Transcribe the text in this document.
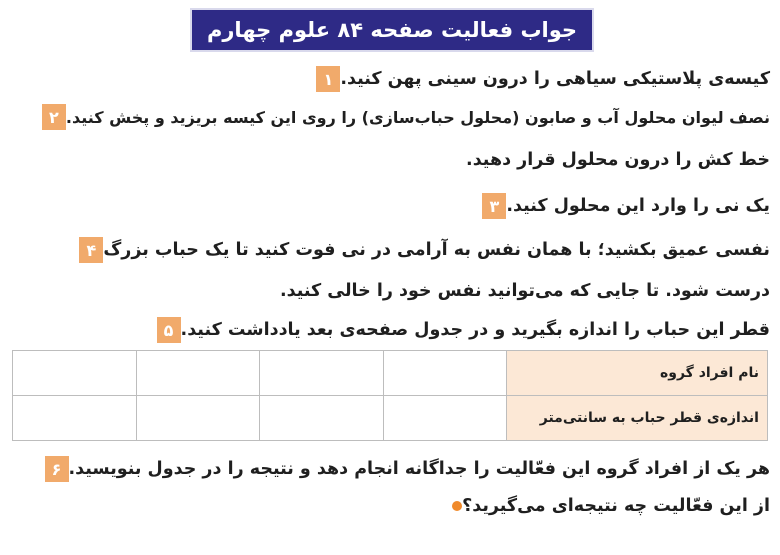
جواب فعالیت صفحه ۸۴ علوم چهارم
۱ کیسه‌ی پلاستیکی سیاهی را درون سینی پهن کنید.
۲ نصف لیوان محلول آب و صابون (محلول حباب‌سازی) را روی این کیسه بریزید و پخش کنید.
خط کش را درون محلول قرار دهید.
۳ یک نی را وارد این محلول کنید.
۴ نفسی عمیق بکشید؛ با همان نفس به آرامی در نی فوت کنید تا یک حباب بزرگ
درست شود. تا جایی که می‌توانید نفس خود را خالی کنید.
۵ قطر این حباب را اندازه بگیرید و در جدول صفحه‌ی بعد یادداشت کنید.
نام افراد گروه				
اندازه‌ی قطر حباب به سانتی‌متر				
۶ هر یک از افراد گروه این فعّالیت را جداگانه انجام دهد و نتیجه را در جدول بنویسید.
از این فعّالیت چه نتیجه‌ای می‌گیرید؟
